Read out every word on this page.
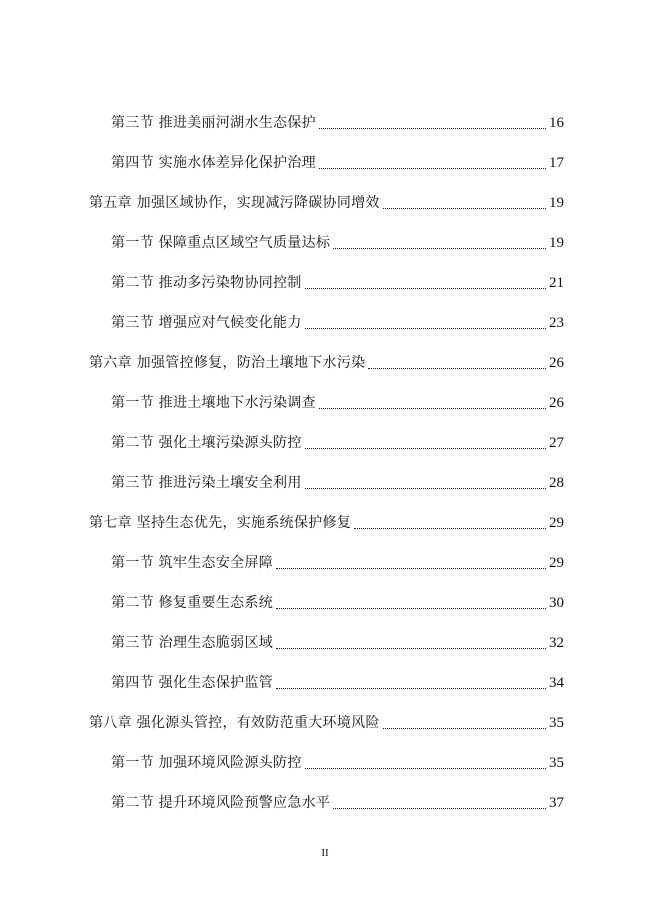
第三节 推进美丽河湖水生态保护	16
第四节 实施水体差异化保护治理	17
第五章 加强区域协作，实现减污降碳协同增效	19
第一节 保障重点区域空气质量达标	19
第二节 推动多污染物协同控制	21
第三节 增强应对气候变化能力	23
第六章 加强管控修复，防治土壤地下水污染	26
第一节 推进土壤地下水污染调查	26
第二节 强化土壤污染源头防控	27
第三节 推进污染土壤安全利用	28
第七章 坚持生态优先，实施系统保护修复	29
第一节 筑牢生态安全屏障	29
第二节 修复重要生态系统	30
第三节 治理生态脆弱区域	32
第四节 强化生态保护监管	34
第八章 强化源头管控，有效防范重大环境风险	35
第一节 加强环境风险源头防控	35
第二节 提升环境风险预警应急水平	37
II
